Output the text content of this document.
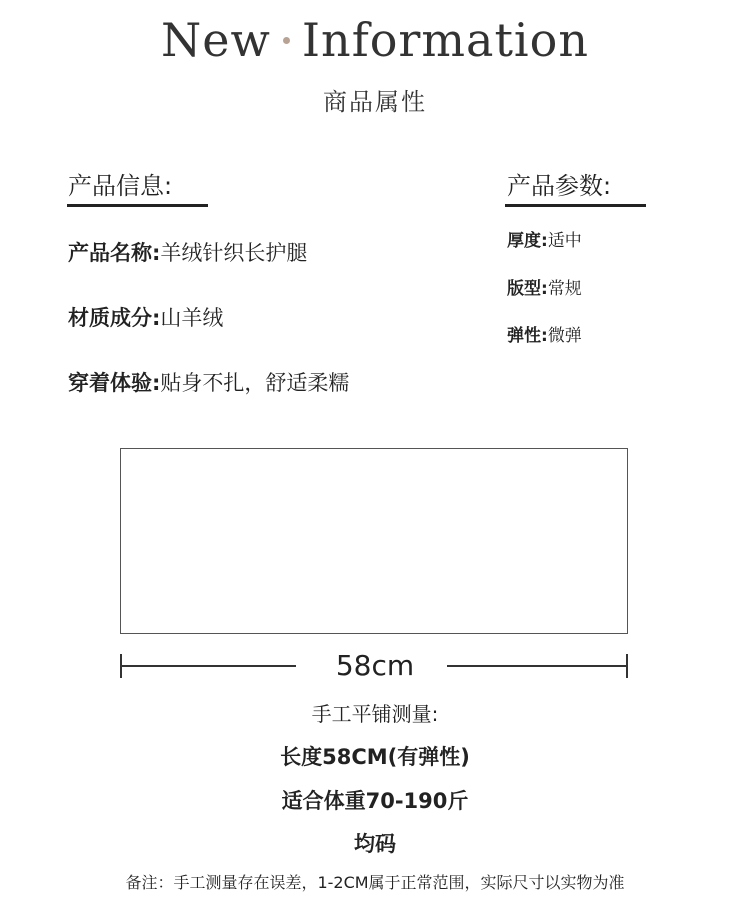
New Information
商品属性
产品信息:
产品名称:羊绒针织长护腿
材质成分:山羊绒
穿着体验:贴身不扎，舒适柔糯
产品参数:
厚度:适中
版型:常规
弹性:微弹
58cm
手工平铺测量:
长度58CM(有弹性)
适合体重70-190斤
均码
备注：手工测量存在误差，1-2CM属于正常范围，实际尺寸以实物为准
